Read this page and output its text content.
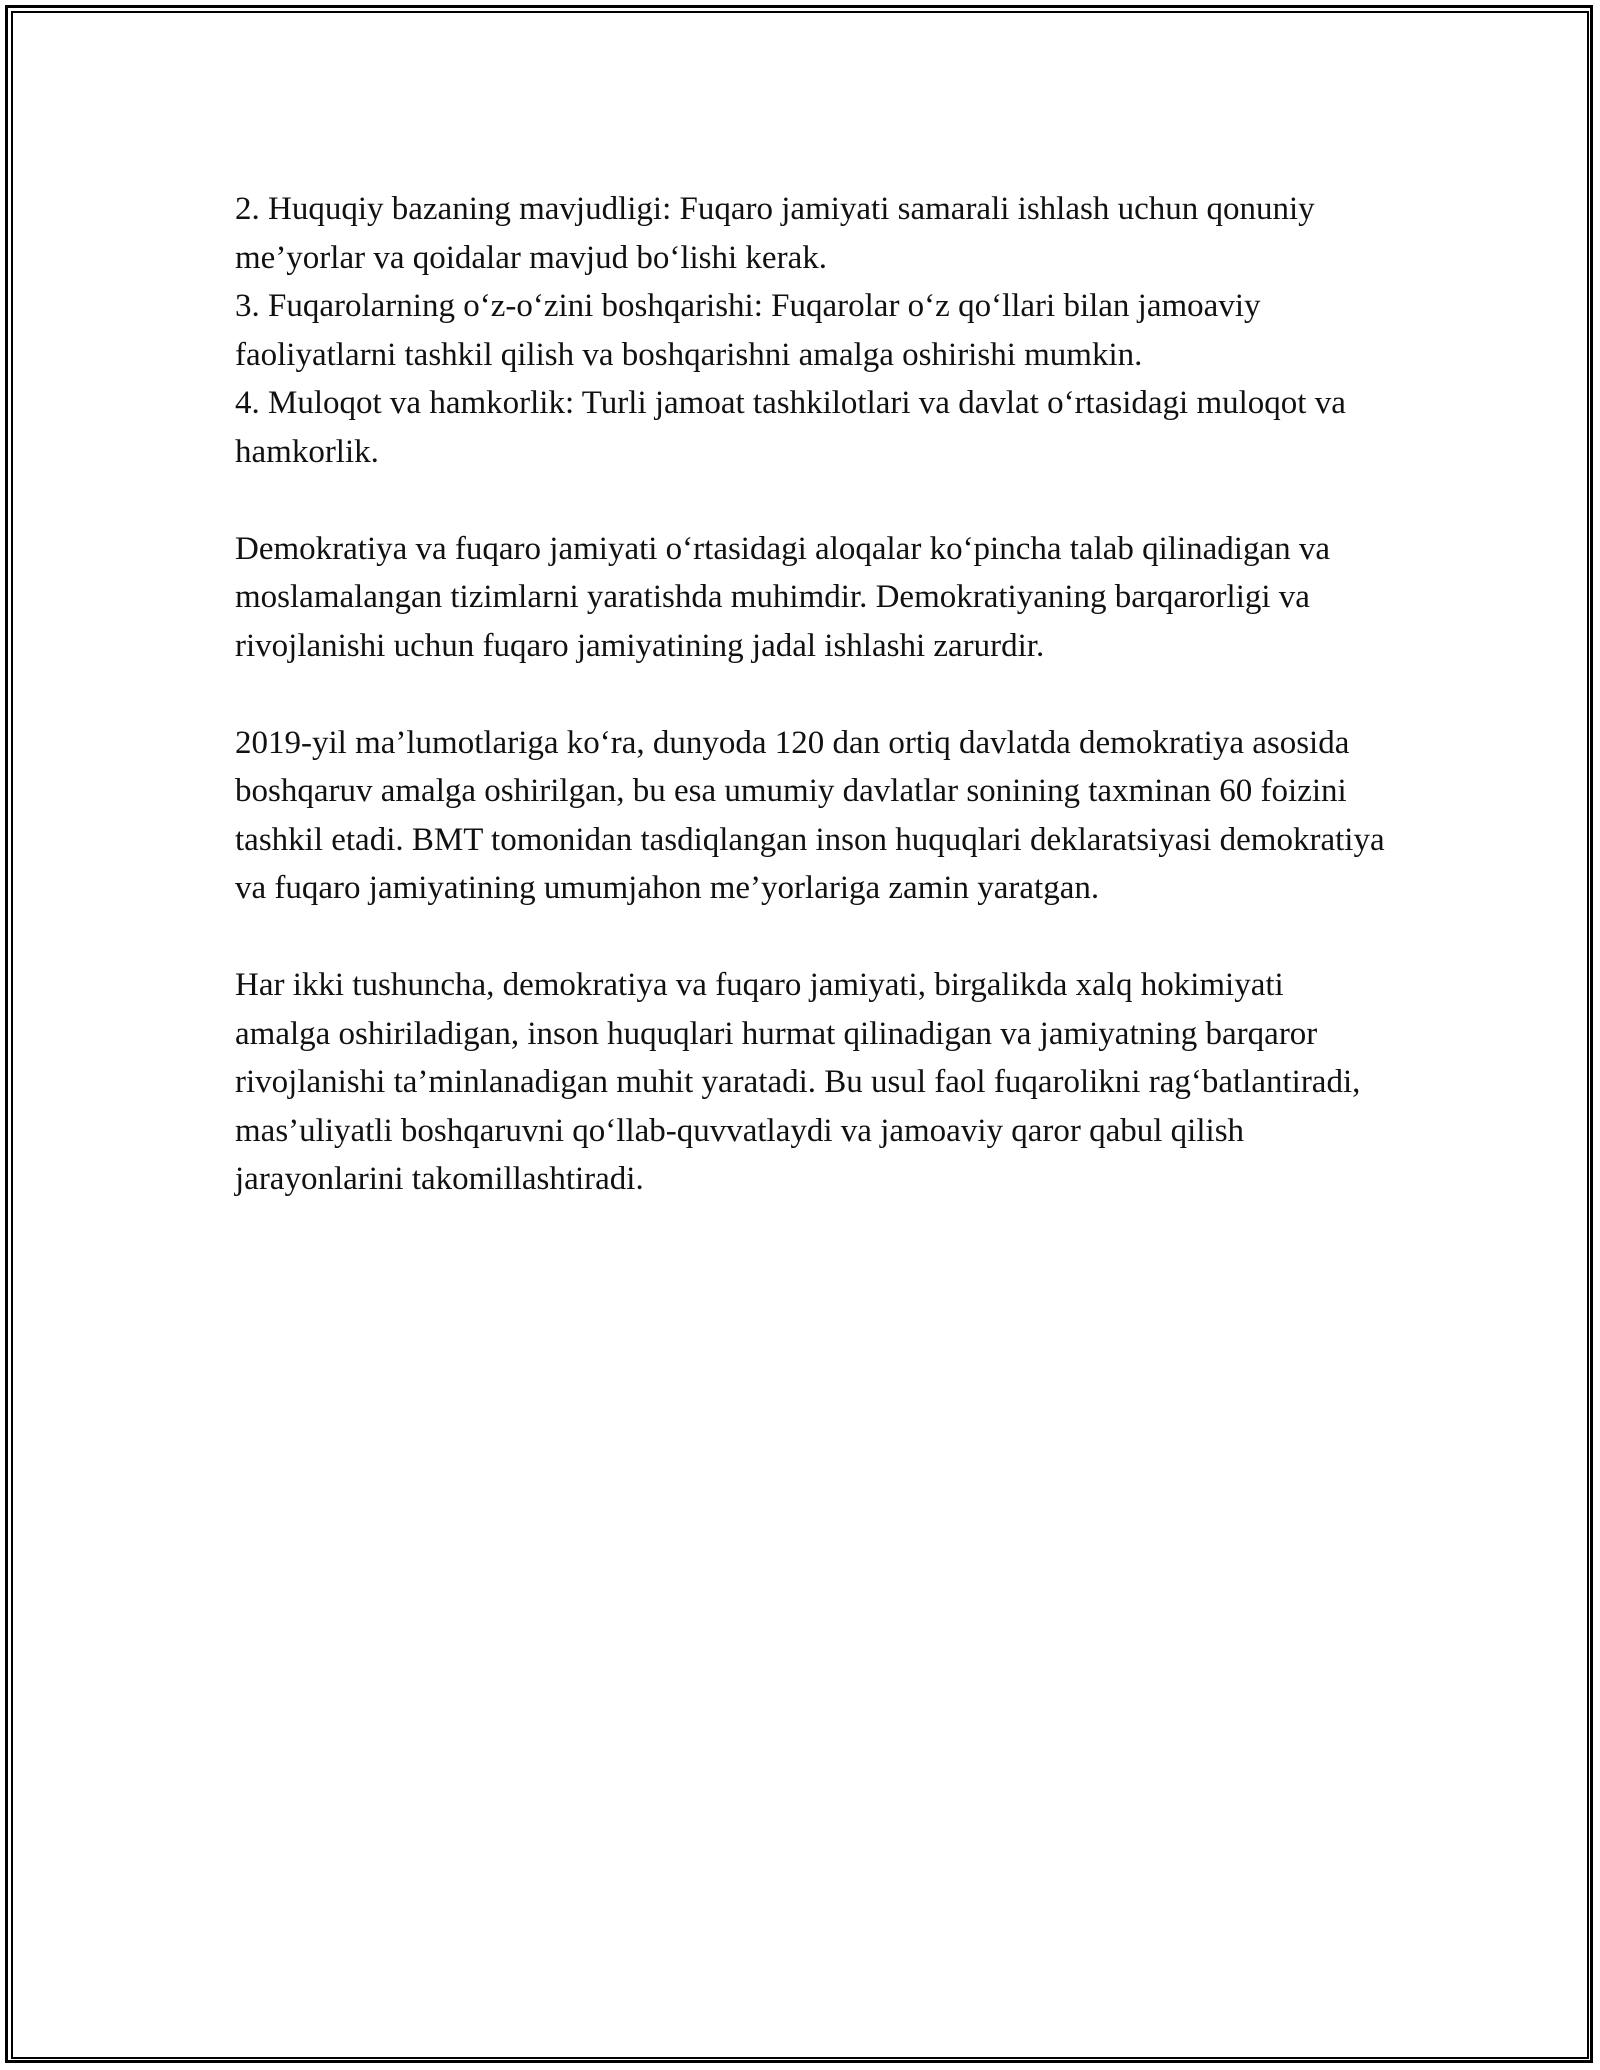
2. Huquqiy bazaning mavjudligi: Fuqaro jamiyati samarali ishlash uchun qonuniy me’yorlar va qoidalar mavjud bo‘lishi kerak.

3. Fuqarolarning o‘z-o‘zini boshqarishi: Fuqarolar o‘z qo‘llari bilan jamoaviy faoliyatlarni tashkil qilish va boshqarishni amalga oshirishi mumkin.

4. Muloqot va hamkorlik: Turli jamoat tashkilotlari va davlat o‘rtasidagi muloqot va hamkorlik.

Demokratiya va fuqaro jamiyati o‘rtasidagi aloqalar ko‘pincha talab qilinadigan va moslamalangan tizimlarni yaratishda muhimdir. Demokratiyaning barqarorligi va rivojlanishi uchun fuqaro jamiyatining jadal ishlashi zarurdir.

2019-yil ma’lumotlariga ko‘ra, dunyoda 120 dan ortiq davlatda demokratiya asosida boshqaruv amalga oshirilgan, bu esa umumiy davlatlar sonining taxminan 60 foizini tashkil etadi. BMT tomonidan tasdiqlangan inson huquqlari deklaratsiyasi demokratiya va fuqaro jamiyatining umumjahon me’yorlariga zamin yaratgan.

Har ikki tushuncha, demokratiya va fuqaro jamiyati, birgalikda xalq hokimiyati amalga oshiriladigan, inson huquqlari hurmat qilinadigan va jamiyatning barqaror rivojlanishi ta’minlanadigan muhit yaratadi. Bu usul faol fuqarolikni rag‘batlantiradi, mas’uliyatli boshqaruvni qo‘llab-quvvatlaydi va jamoaviy qaror qabul qilish jarayonlarini takomillashtiradi.
